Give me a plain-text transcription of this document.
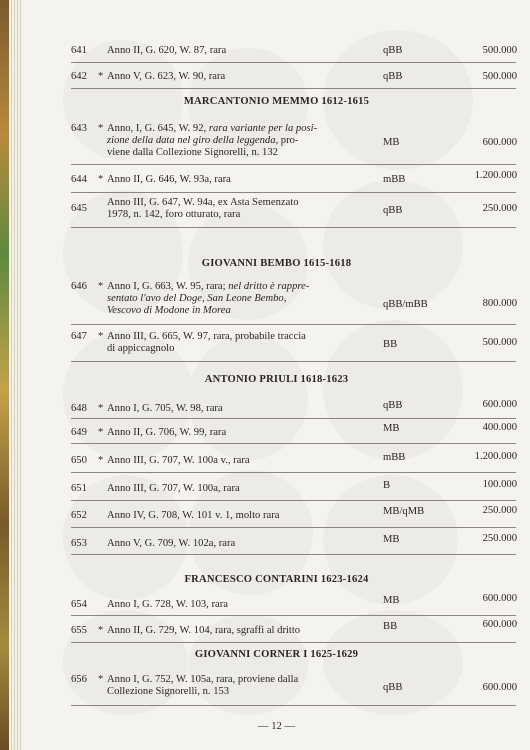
641	Anno II, G. 620, W. 87, rara	qBB	500.000
642 * Anno V, G. 623, W. 90, rara	qBB	500.000
MARCANTONIO MEMMO 1612-1615
643 * Anno, I, G. 645, W. 92, rara variante per la posi-
zione della data nel giro della leggenda, pro-
viene dalla Collezione Signorelli, n. 132
MB	600.000
644 * Anno II, G. 646, W. 93a, rara	mBB	1.200.000
645
Anno III, G. 647, W. 94a, ex Asta Semenzato
1978, n. 142, foro otturato, rara	qBB	250.000
GIOVANNI BEMBO 1615-1618
646 * Anno I, G. 663, W. 95, rara; nel dritto è rappre-
sentato l'avo del Doge, San Leone Bembo,
Vescovo di Modone in Morea
qBB/mBB	800.000
647 * Anno III, G. 665, W. 97, rara, probabile traccia
di appiccagnolo	BB	500.000
ANTONIO PRIULI 1618-1623
648 * Anno I, G. 705, W. 98, rara	qBB	600.000
649 * Anno II, G. 706, W. 99, rara	MB	400.000
650 * Anno III, G. 707, W. 100a v., rara	mBB	1.200.000
651	Anno III, G. 707, W. 100a, rara	B	100.000
652	Anno IV, G. 708, W. 101 v. 1, molto rara	MB/qMB	250.000
653	Anno V, G. 709, W. 102a, rara	MB	250.000
FRANCESCO CONTARINI 1623-1624
654	Anno I, G. 728, W. 103, rara	MB	600.000
655 * Anno II, G. 729, W. 104, rara, sgraffi al dritto	BB	600.000
GIOVANNI CORNER I 1625-1629
656 * Anno I, G. 752, W. 105a, rara, proviene dalla
Collezione Signorelli, n. 153	qBB	600.000
— 12 —
